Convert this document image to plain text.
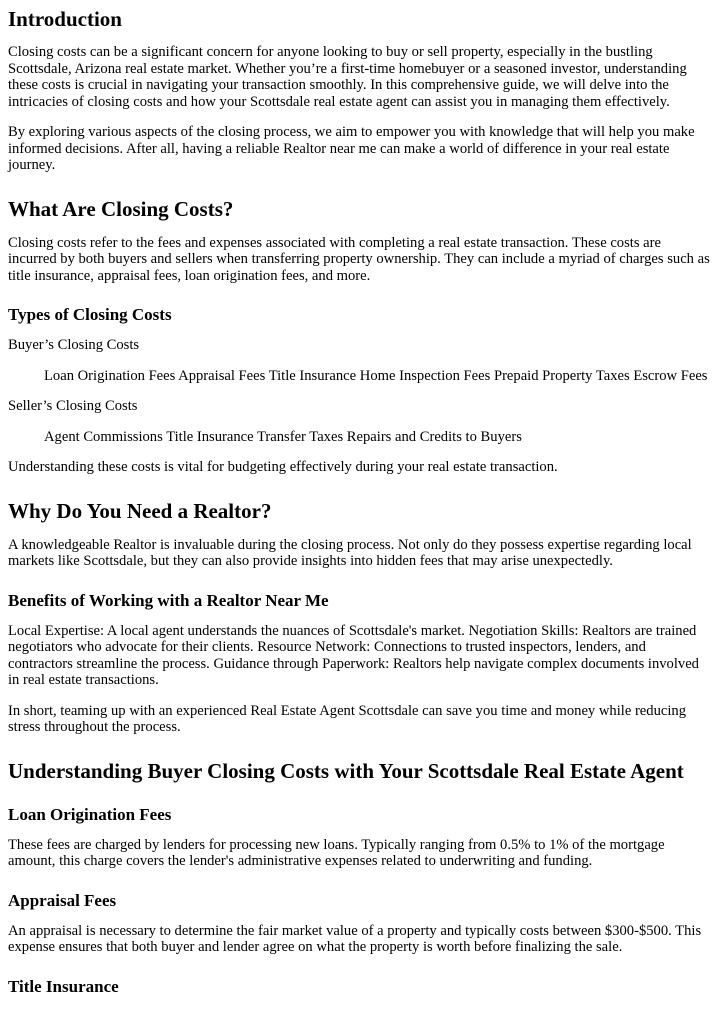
Introduction

Closing costs can be a significant concern for anyone looking to buy or sell property, especially in the bustling Scottsdale, Arizona real estate market. Whether you’re a first-time homebuyer or a seasoned investor, understanding these costs is crucial in navigating your transaction smoothly. In this comprehensive guide, we will delve into the intricacies of closing costs and how your Scottsdale real estate agent can assist you in managing them effectively.

By exploring various aspects of the closing process, we aim to empower you with knowledge that will help you make informed decisions. After all, having a reliable Realtor near me can make a world of difference in your real estate journey.

What Are Closing Costs?

Closing costs refer to the fees and expenses associated with completing a real estate transaction. These costs are incurred by both buyers and sellers when transferring property ownership. They can include a myriad of charges such as title insurance, appraisal fees, loan origination fees, and more.

Types of Closing Costs

Buyer’s Closing Costs

Loan Origination Fees Appraisal Fees Title Insurance Home Inspection Fees Prepaid Property Taxes Escrow Fees

Seller’s Closing Costs

Agent Commissions Title Insurance Transfer Taxes Repairs and Credits to Buyers

Understanding these costs is vital for budgeting effectively during your real estate transaction.

Why Do You Need a Realtor?

A knowledgeable Realtor is invaluable during the closing process. Not only do they possess expertise regarding local markets like Scottsdale, but they can also provide insights into hidden fees that may arise unexpectedly.

Benefits of Working with a Realtor Near Me

Local Expertise: A local agent understands the nuances of Scottsdale's market. Negotiation Skills: Realtors are trained negotiators who advocate for their clients. Resource Network: Connections to trusted inspectors, lenders, and contractors streamline the process. Guidance through Paperwork: Realtors help navigate complex documents involved in real estate transactions.

In short, teaming up with an experienced Real Estate Agent Scottsdale can save you time and money while reducing stress throughout the process.

Understanding Buyer Closing Costs with Your Scottsdale Real Estate Agent
Loan Origination Fees

These fees are charged by lenders for processing new loans. Typically ranging from 0.5% to 1% of the mortgage amount, this charge covers the lender's administrative expenses related to underwriting and funding.

Appraisal Fees

An appraisal is necessary to determine the fair market value of a property and typically costs between $300-$500. This expense ensures that both buyer and lender agree on what the property is worth before finalizing the sale.

Title Insurance
